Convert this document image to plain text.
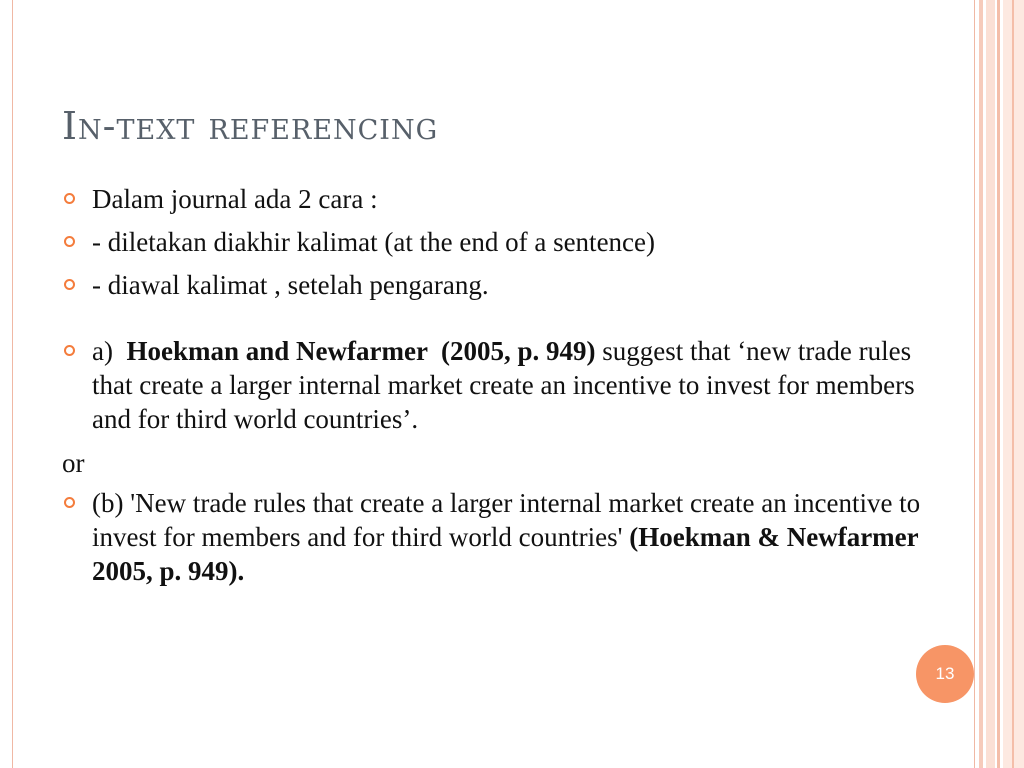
In-text referencing
Dalam journal ada 2 cara :
- diletakan diakhir kalimat (at the end of a sentence)
- diawal kalimat , setelah pengarang.
a)  Hoekman and Newfarmer  (2005, p. 949) suggest that ‘new trade rules that create a larger internal market create an incentive to invest for members and for third world countries’.
or
(b) 'New trade rules that create a larger internal market create an incentive to invest for members and for third world countries' (Hoekman & Newfarmer 2005, p. 949).
13
